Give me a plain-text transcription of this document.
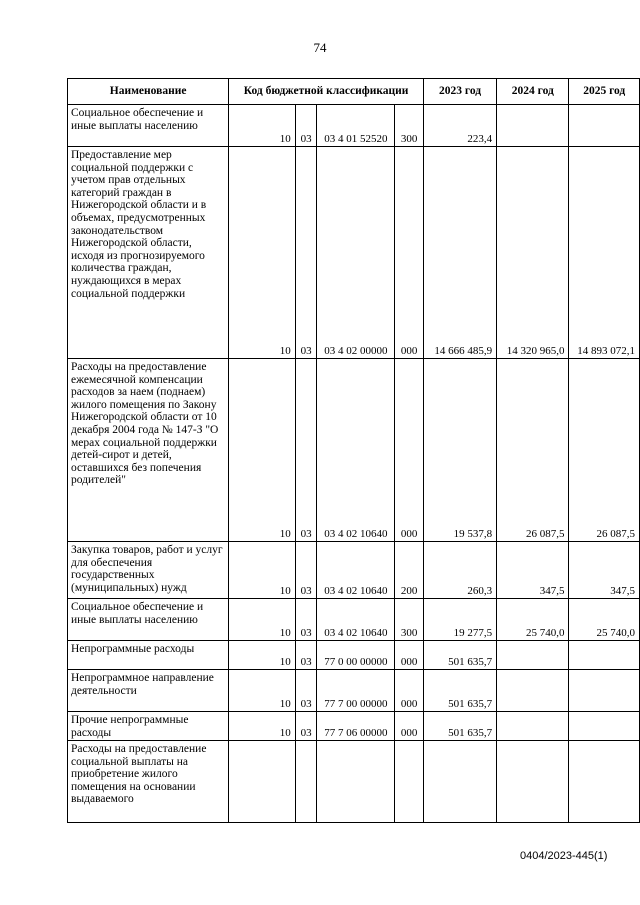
74
Наименование	Код бюджетной классификации				2023 год	2024 год	2025 год
Социальное обеспечение и иные выплаты населению	10	03	03 4 01 52520	300	223,4		
Предоставление мер социальной поддержки с учетом прав отдельных категорий граждан в Нижегородской области и в объемах, предусмотренных законодательством Нижегородской области, исходя из прогнозируемого количества граждан, нуждающихся в мерах социальной поддержки	10	03	03 4 02 00000	000	14 666 485,9	14 320 965,0	14 893 072,1
Расходы на предоставление ежемесячной компенсации расходов за наем (поднаем) жилого помещения по Закону Нижегородской области от 10 декабря 2004 года № 147-З "О мерах социальной поддержки детей-сирот и детей, оставшихся без попечения родителей"	10	03	03 4 02 10640	000	19 537,8	26 087,5	26 087,5
Закупка товаров, работ и услуг для обеспечения государственных (муниципальных) нужд	10	03	03 4 02 10640	200	260,3	347,5	347,5
Социальное обеспечение и иные выплаты населению	10	03	03 4 02 10640	300	19 277,5	25 740,0	25 740,0
Непрограммные расходы	10	03	77 0 00 00000	000	501 635,7		
Непрограммное направление деятельности	10	03	77 7 00 00000	000	501 635,7		
Прочие непрограммные расходы	10	03	77 7 06 00000	000	501 635,7		
Расходы на предоставление социальной выплаты на приобретение жилого помещения на основании выдаваемого							
0404/2023-445(1)
